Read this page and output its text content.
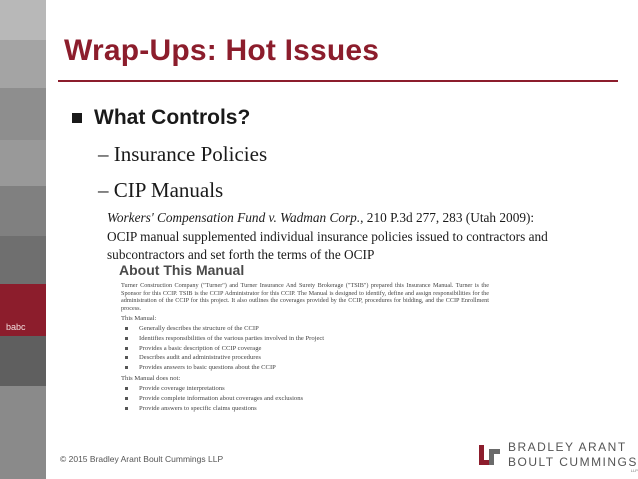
babc
Wrap-Ups: Hot Issues
What Controls?
– Insurance Policies
– CIP Manuals
Workers' Compensation Fund v. Wadman Corp., 210 P.3d 277, 283 (Utah 2009):
OCIP manual supplemented individual insurance policies issued to contractors and subcontractors and set forth the terms of the OCIP
About This Manual
Turner Construction Company ("Turner") and Turner Insurance And Surety Brokerage ("TSIB") prepared this Insurance Manual. Turner is the Sponsor for this CCIP. TSIB is the CCIP Administrator for this CCIP. The Manual is designed to identify, define and assign responsibilities for the administration of the CCIP for this project. It also outlines the coverages provided by the CCIP, procedures for bidding, and the CCIP Enrollment process.
This Manual:
Generally describes the structure of the CCIP
Identifies responsibilities of the various parties involved in the Project
Provides a basic description of CCIP coverage
Describes audit and administrative procedures
Provides answers to basic questions about the CCIP
This Manual does not:
Provide coverage interpretations
Provide complete information about coverages and exclusions
Provide answers to specific claims questions
© 2015 Bradley Arant Boult Cummings LLP
BRADLEY ARANT
BOULT CUMMINGS
LLP
